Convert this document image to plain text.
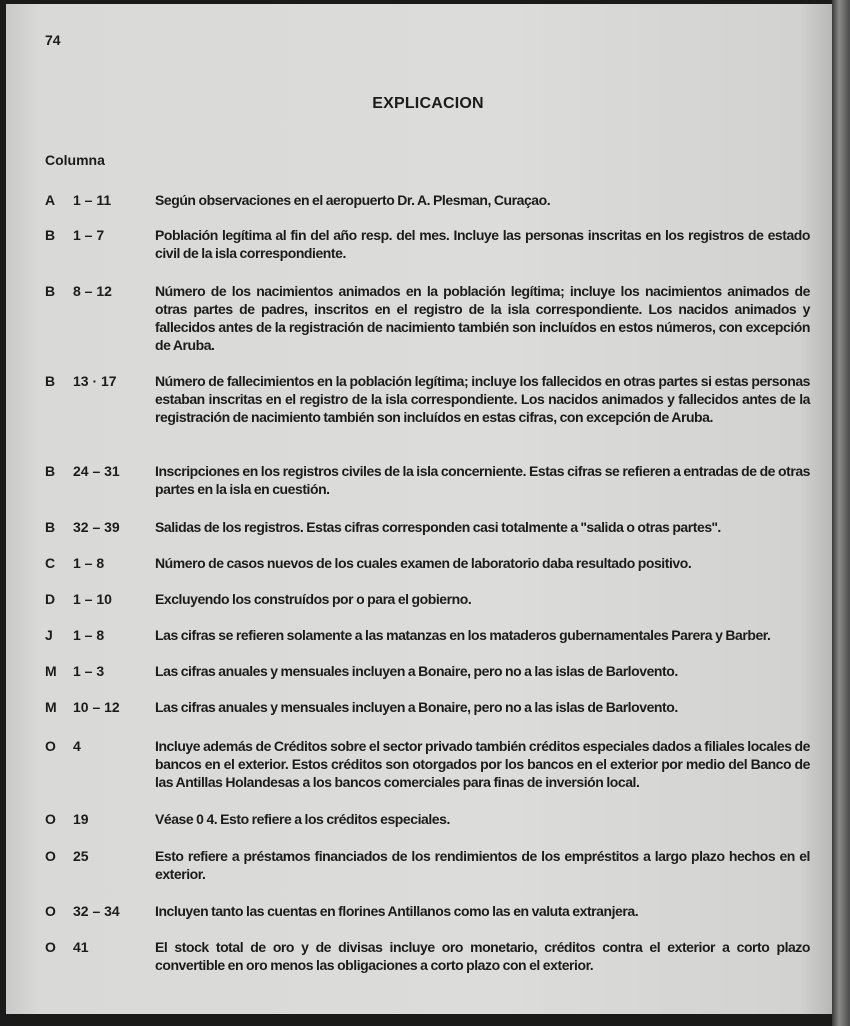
74
EXPLICACION
Columna
A	1 – 11	Según observaciones en el aeropuerto Dr. A. Plesman, Curaçao.
B	1 – 7	Población legítima al fin del año resp. del mes. Incluye las personas inscritas en los registros de estado civil de la isla correspondiente.
B	8 – 12	Número de los nacimientos animados en la población legítima; incluye los nacimientos animados de otras partes de padres, inscritos en el registro de la isla correspondiente. Los nacidos animados y fallecidos antes de la registración de nacimiento también son incluídos en estos números, con excepción de Aruba.
B	13 · 17	Número de fallecimientos en la población legítima; incluye los fallecidos en otras partes si estas personas estaban inscritas en el registro de la isla correspondiente. Los nacidos animados y fallecidos antes de la registración de nacimiento también son incluídos en estas cifras, con excepción de Aruba.
B	24 – 31	Inscripciones en los registros civiles de la isla concerniente. Estas cifras se refieren a entradas de de otras partes en la isla en cuestión.
B	32 – 39	Salidas de los registros. Estas cifras corresponden casi totalmente a ''salida o otras partes''.
C	1 – 8	Número de casos nuevos de los cuales examen de laboratorio daba resultado positivo.
D	1 – 10	Excluyendo los construídos por o para el gobierno.
J	1 – 8	Las cifras se refieren solamente a las matanzas en los mataderos gubernamentales Parera y Barber.
M	1 – 3	Las cifras anuales y mensuales incluyen a Bonaire, pero no a las islas de Barlovento.
M	10 – 12	Las cifras anuales y mensuales incluyen a Bonaire, pero no a las islas de Barlovento.
O	4	Incluye además de Créditos sobre el sector privado también créditos especiales dados a filiales locales de bancos en el exterior. Estos créditos son otorgados por los bancos en el exterior por medio del Banco de las Antillas Holandesas a los bancos comerciales para finas de inversión local.
O	19	Véase 0 4. Esto refiere a los créditos especiales.
O	25	Esto refiere a préstamos financiados de los rendimientos de los empréstitos a largo plazo hechos en el exterior.
O	32 – 34	Incluyen tanto las cuentas en florines Antillanos como las en valuta extranjera.
O	41	El stock total de oro y de divisas incluye oro monetario, créditos contra el exterior a corto plazo convertible en oro menos las obligaciones a corto plazo con el exterior.
